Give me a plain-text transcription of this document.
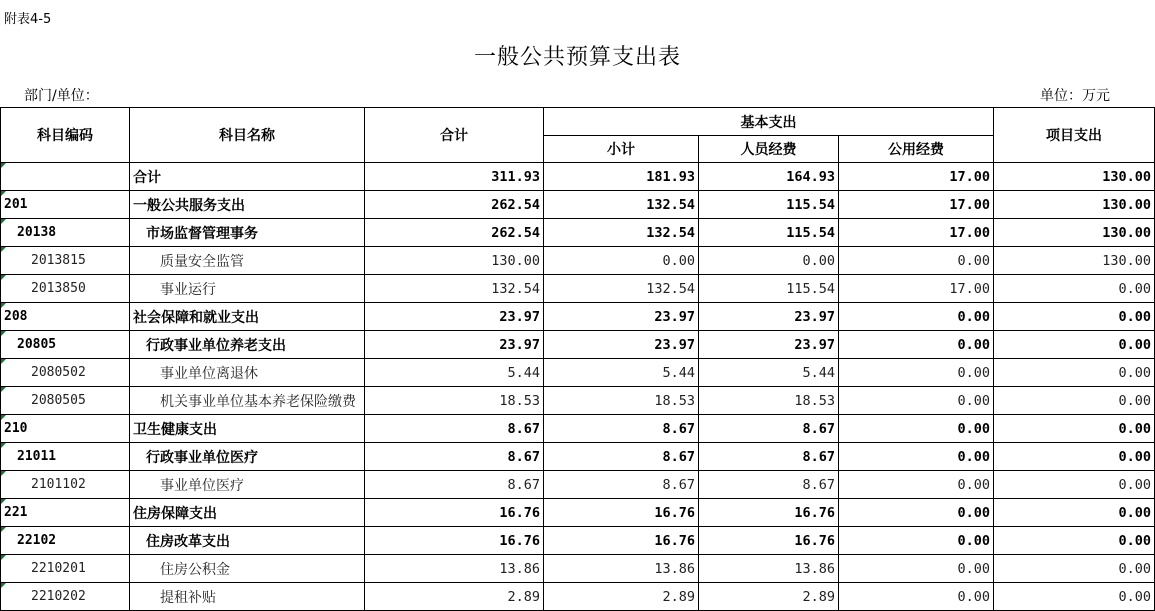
附表4-5
一般公共预算支出表
部门/单位：	单位：万元
科目编码	科目名称	合计	基本支出			项目支出
			小计	人员经费	公用经费	
	合计	311.93	181.93	164.93	17.00	130.00
201	一般公共服务支出	262.54	132.54	115.54	17.00	130.00
20138	市场监督管理事务	262.54	132.54	115.54	17.00	130.00
2013815	质量安全监管	130.00	0.00	0.00	0.00	130.00
2013850	事业运行	132.54	132.54	115.54	17.00	0.00
208	社会保障和就业支出	23.97	23.97	23.97	0.00	0.00
20805	行政事业单位养老支出	23.97	23.97	23.97	0.00	0.00
2080502	事业单位离退休	5.44	5.44	5.44	0.00	0.00
2080505	机关事业单位基本养老保险缴费	18.53	18.53	18.53	0.00	0.00
210	卫生健康支出	8.67	8.67	8.67	0.00	0.00
21011	行政事业单位医疗	8.67	8.67	8.67	0.00	0.00
2101102	事业单位医疗	8.67	8.67	8.67	0.00	0.00
221	住房保障支出	16.76	16.76	16.76	0.00	0.00
22102	住房改革支出	16.76	16.76	16.76	0.00	0.00
2210201	住房公积金	13.86	13.86	13.86	0.00	0.00
2210202	提租补贴	2.89	2.89	2.89	0.00	0.00
